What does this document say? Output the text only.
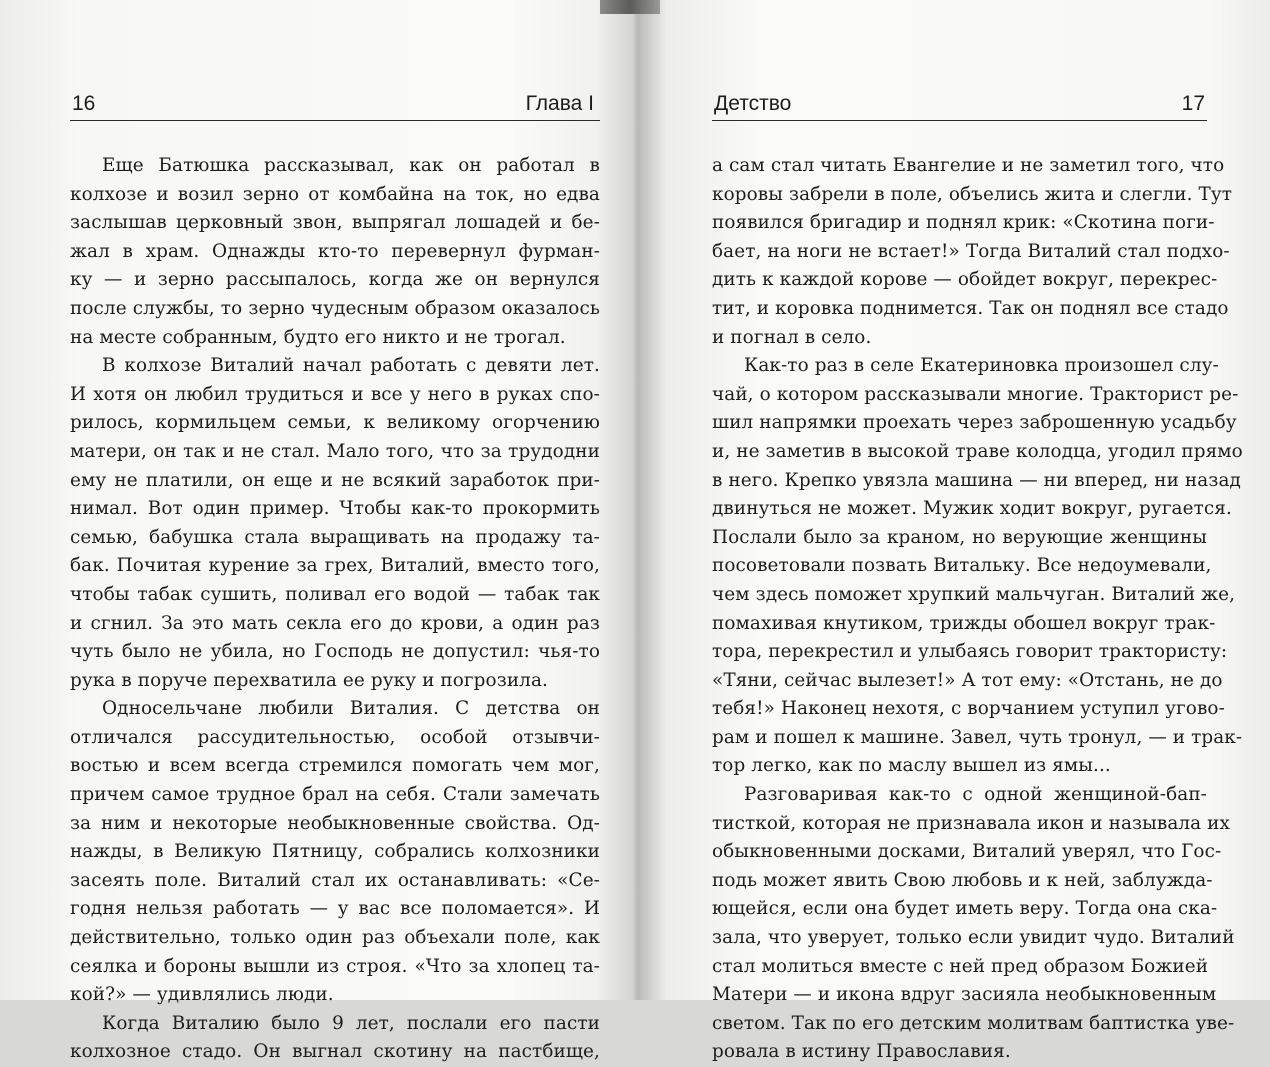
16	Глава I
Еще Батюшка рассказывал, как он работал в
колхозе и возил зерно от комбайна на ток, но едва
заслышав церковный звон, выпрягал лошадей и бе-
жал в храм. Однажды кто-то перевернул фурман-
ку — и зерно рассыпалось, когда же он вернулся
после службы, то зерно чудесным образом оказалось
на месте собранным, будто его никто и не трогал.
В колхозе Виталий начал работать с девяти лет.
И хотя он любил трудиться и все у него в руках спо-
рилось, кормильцем семьи, к великому огорчению
матери, он так и не стал. Мало того, что за трудодни
ему не платили, он еще и не всякий заработок при-
нимал. Вот один пример. Чтобы как-то прокормить
семью, бабушка стала выращивать на продажу та-
бак. Почитая курение за грех, Виталий, вместо того,
чтобы табак сушить, поливал его водой — табак так
и сгнил. За это мать секла его до крови, а один раз
чуть было не убила, но Господь не допустил: чья-то
рука в поруче перехватила ее руку и погрозила.
Односельчане любили Виталия. С детства он
отличался рассудительностью, особой отзывчи-
востью и всем всегда стремился помогать чем мог,
причем самое трудное брал на себя. Стали замечать
за ним и некоторые необыкновенные свойства. Од-
нажды, в Великую Пятницу, собрались колхозники
засеять поле. Виталий стал их останавливать: «Се-
годня нельзя работать — у вас все поломается». И
действительно, только один раз объехали поле, как
сеялка и бороны вышли из строя. «Что за хлопец та-
кой?» — удивлялись люди.
Когда Виталию было 9 лет, послали его пасти
колхозное стадо. Он выгнал скотину на пастбище,
Детство	17
а сам стал читать Евангелие и не заметил того, что
коровы забрели в поле, объелись жита и слегли. Тут
появился бригадир и поднял крик: «Скотина поги-
бает, на ноги не встает!» Тогда Виталий стал подхо-
дить к каждой корове — обойдет вокруг, перекрес-
тит, и коровка поднимется. Так он поднял все стадо
и погнал в село.
Как-то раз в селе Екатериновка произошел слу-
чай, о котором рассказывали многие. Тракторист ре-
шил напрямки проехать через заброшенную усадьбу
и, не заметив в высокой траве колодца, угодил прямо
в него. Крепко увязла машина — ни вперед, ни назад
двинуться не может. Мужик ходит вокруг, ругается.
Послали было за краном, но верующие женщины
посоветовали позвать Витальку. Все недоумевали,
чем здесь поможет хрупкий мальчуган. Виталий же,
помахивая кнутиком, трижды обошел вокруг трак-
тора, перекрестил и улыбаясь говорит трактористу:
«Тяни, сейчас вылезет!» А тот ему: «Отстань, не до
тебя!» Наконец нехотя, с ворчанием уступил угово-
рам и пошел к машине. Завел, чуть тронул, — и трак-
тор легко, как по маслу вышел из ямы...
Разговаривая как-то с одной женщиной-бап-
тисткой, которая не признавала икон и называла их
обыкновенными досками, Виталий уверял, что Гос-
подь может явить Свою любовь и к ней, заблужда-
ющейся, если она будет иметь веру. Тогда она ска-
зала, что уверует, только если увидит чудо. Виталий
стал молиться вместе с ней пред образом Божией
Матери — и икона вдруг засияла необыкновенным
светом. Так по его детским молитвам баптистка уве-
ровала в истину Православия.
